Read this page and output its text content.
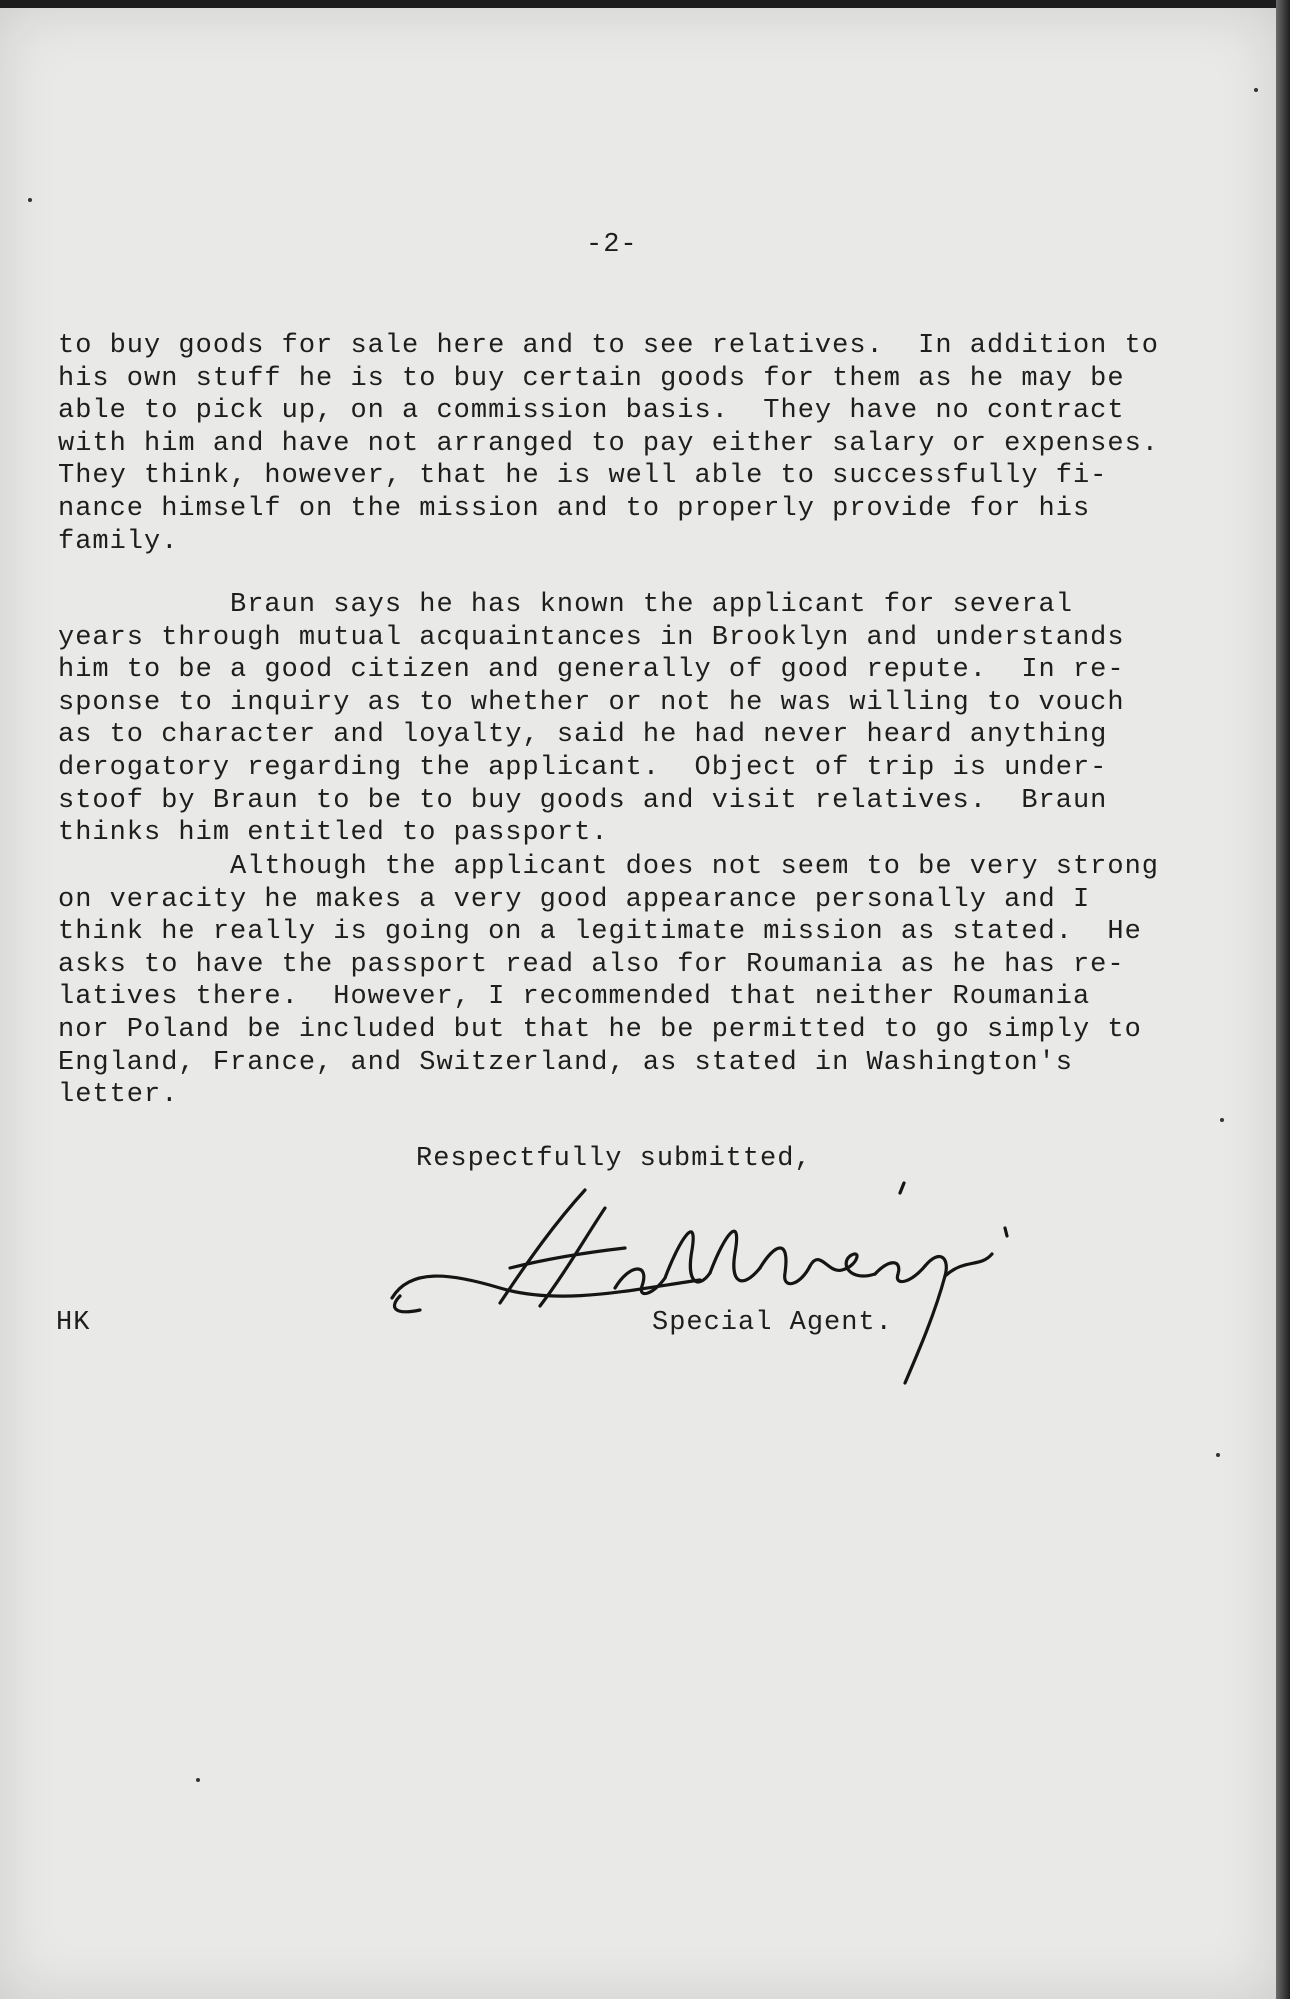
-2-

to buy goods for sale here and to see relatives.  In addition to
his own stuff he is to buy certain goods for them as he may be
able to pick up, on a commission basis.  They have no contract
with him and have not arranged to pay either salary or expenses.
They think, however, that he is well able to successfully fi-
nance himself on the mission and to properly provide for his
family.

Braun says he has known the applicant for several
years through mutual acquaintances in Brooklyn and understands
him to be a good citizen and generally of good repute.  In re-
sponse to inquiry as to whether or not he was willing to vouch
as to character and loyalty, said he had never heard anything
derogatory regarding the applicant.  Object of trip is under-
stoof by Braun to be to buy goods and visit relatives.  Braun
thinks him entitled to passport.

Although the applicant does not seem to be very strong
on veracity he makes a very good appearance personally and I
think he really is going on a legitimate mission as stated.  He
asks to have the passport read also for Roumania as he has re-
latives there.  However, I recommended that neither Roumania
nor Poland be included but that he be permitted to go simply to
England, France, and Switzerland, as stated in Washington's
letter.

Respectfully submitted,

HK	Special Agent.
